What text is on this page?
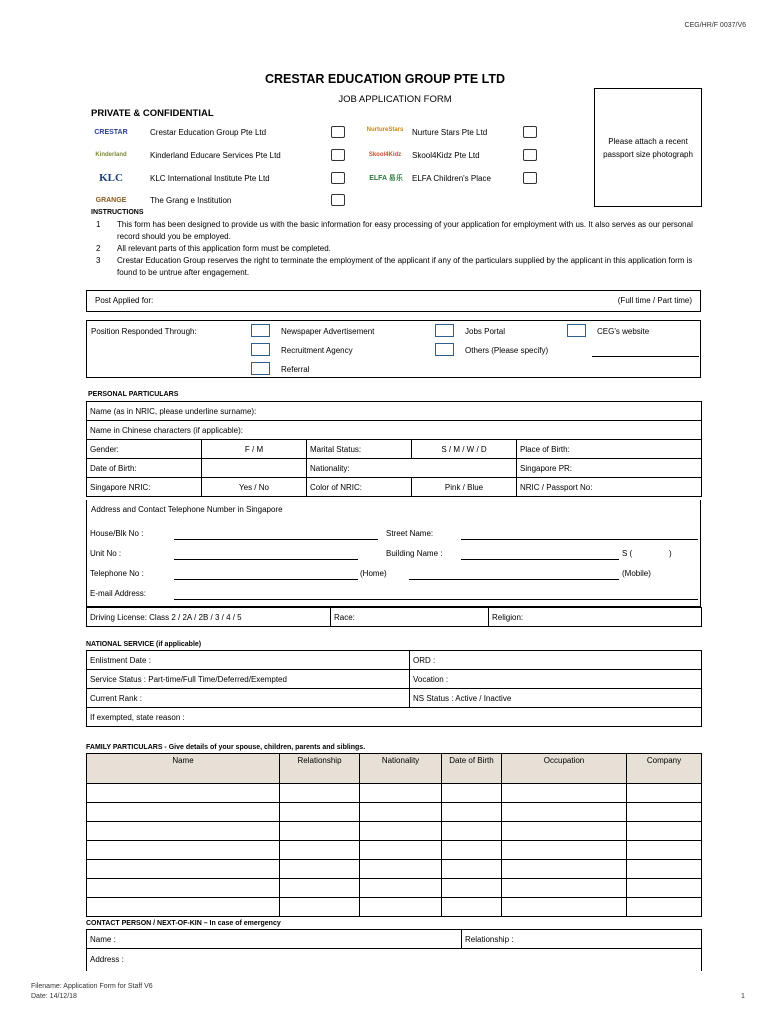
CEG/HR/F 0037/V6
CRESTAR EDUCATION GROUP PTE LTD
JOB APPLICATION FORM
PRIVATE & CONFIDENTIAL
Please attach a recent passport size photograph
CRESTAR	Crestar Education Group Pte Ltd
Kinderland	Kinderland Educare Services Pte Ltd
KLC	KLC International Institute Pte Ltd
GRANGE	The Grang e Institution
NurtureStars	Nurture Stars Pte Ltd
Skool4Kidz	Skool4Kidz Pte Ltd
ELFA 易乐	ELFA Children's Place
INSTRUCTIONS
1	This form has been designed to provide us with the basic information for easy processing of your application for employment with us. It also serves as our personal record should you be employed.
2	All relevant parts of this application form must be completed.
3	Crestar Education Group reserves the right to terminate the employment of the applicant if any of the particulars supplied by the applicant in this application form is found to be untrue after engagement.
Post Applied for:	(Full time / Part time)
Position Responded Through:	Newspaper Advertisement	Jobs Portal	CEG's website
Recruitment Agency	Others (Please specify)
Referral
PERSONAL PARTICULARS
Name (as in NRIC, please underline surname):				
Name in Chinese characters (if applicable):				
Gender:	F / M	Marital Status:	S / M / W / D	Place of Birth:
Date of Birth:		Nationality:		Singapore PR:
Singapore NRIC:	Yes / No	Color of NRIC:	Pink / Blue	NRIC / Passport No:
Address and Contact Telephone Number in Singapore
House/Blk No :	Street Name:
Unit No :	Building Name :	S (	)
Telephone No :	(Home)	(Mobile)
E-mail Address:
Driving License: Class 2 / 2A / 2B / 3 / 4 / 5	Race:	Religion:
NATIONAL SERVICE (if applicable)
Enlistment Date :	ORD :
Service Status : Part-time/Full Time/Deferred/Exempted	Vocation :
Current Rank :	NS Status : Active / Inactive
If exempted, state reason :	
FAMILY PARTICULARS - Give details of your spouse, children, parents and siblings.
Name	Relationship	Nationality	Date of Birth	Occupation	Company

CONTACT PERSON / NEXT-OF-KIN – In case of emergency
Name :	Relationship :
Address :
Filename: Application Form for Staff V6
Date: 14/12/18	1
